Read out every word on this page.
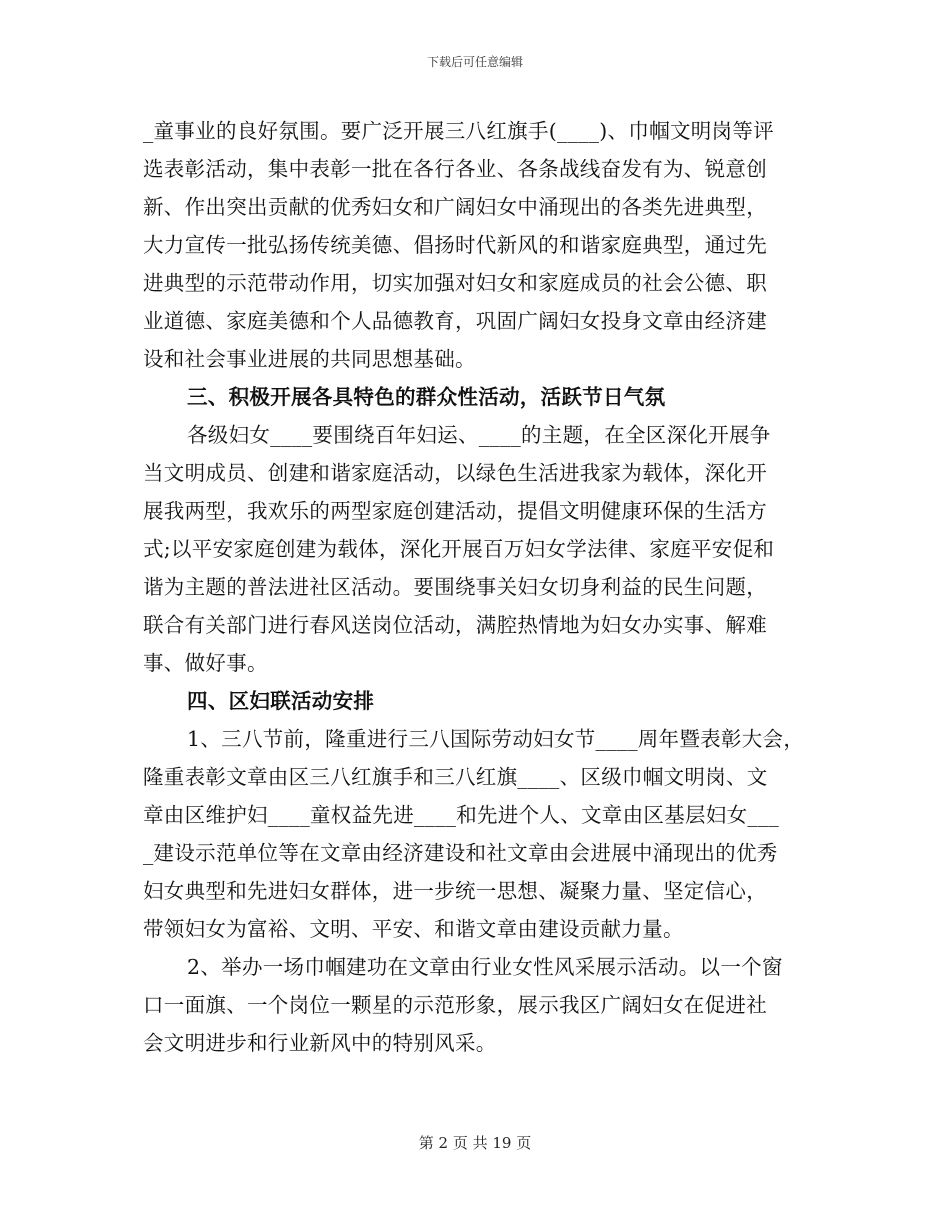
下载后可任意编辑
_童事业的良好氛围。要广泛开展三八红旗手(____)、巾帼文明岗等评
选表彰活动，集中表彰一批在各行各业、各条战线奋发有为、锐意创
新、作出突出贡献的优秀妇女和广阔妇女中涌现出的各类先进典型，
大力宣传一批弘扬传统美德、倡扬时代新风的和谐家庭典型，通过先
进典型的示范带动作用，切实加强对妇女和家庭成员的社会公德、职
业道德、家庭美德和个人品德教育，巩固广阔妇女投身文章由经济建
设和社会事业进展的共同思想基础。
三、积极开展各具特色的群众性活动，活跃节日气氛
各级妇女____要围绕百年妇运、____的主题，在全区深化开展争
当文明成员、创建和谐家庭活动，以绿色生活进我家为载体，深化开
展我两型，我欢乐的两型家庭创建活动，提倡文明健康环保的生活方
式;以平安家庭创建为载体，深化开展百万妇女学法律、家庭平安促和
谐为主题的普法进社区活动。要围绕事关妇女切身利益的民生问题，
联合有关部门进行春风送岗位活动，满腔热情地为妇女办实事、解难
事、做好事。
四、区妇联活动安排
1、三八节前，隆重进行三八国际劳动妇女节____周年暨表彰大会，
隆重表彰文章由区三八红旗手和三八红旗____、区级巾帼文明岗、文
章由区维护妇____童权益先进____和先进个人、文章由区基层妇女___
_建设示范单位等在文章由经济建设和社文章由会进展中涌现出的优秀
妇女典型和先进妇女群体，进一步统一思想、凝聚力量、坚定信心，
带领妇女为富裕、文明、平安、和谐文章由建设贡献力量。
2、举办一场巾帼建功在文章由行业女性风采展示活动。以一个窗
口一面旗、一个岗位一颗星的示范形象，展示我区广阔妇女在促进社
会文明进步和行业新风中的特别风采。
第 2 页 共 19 页
